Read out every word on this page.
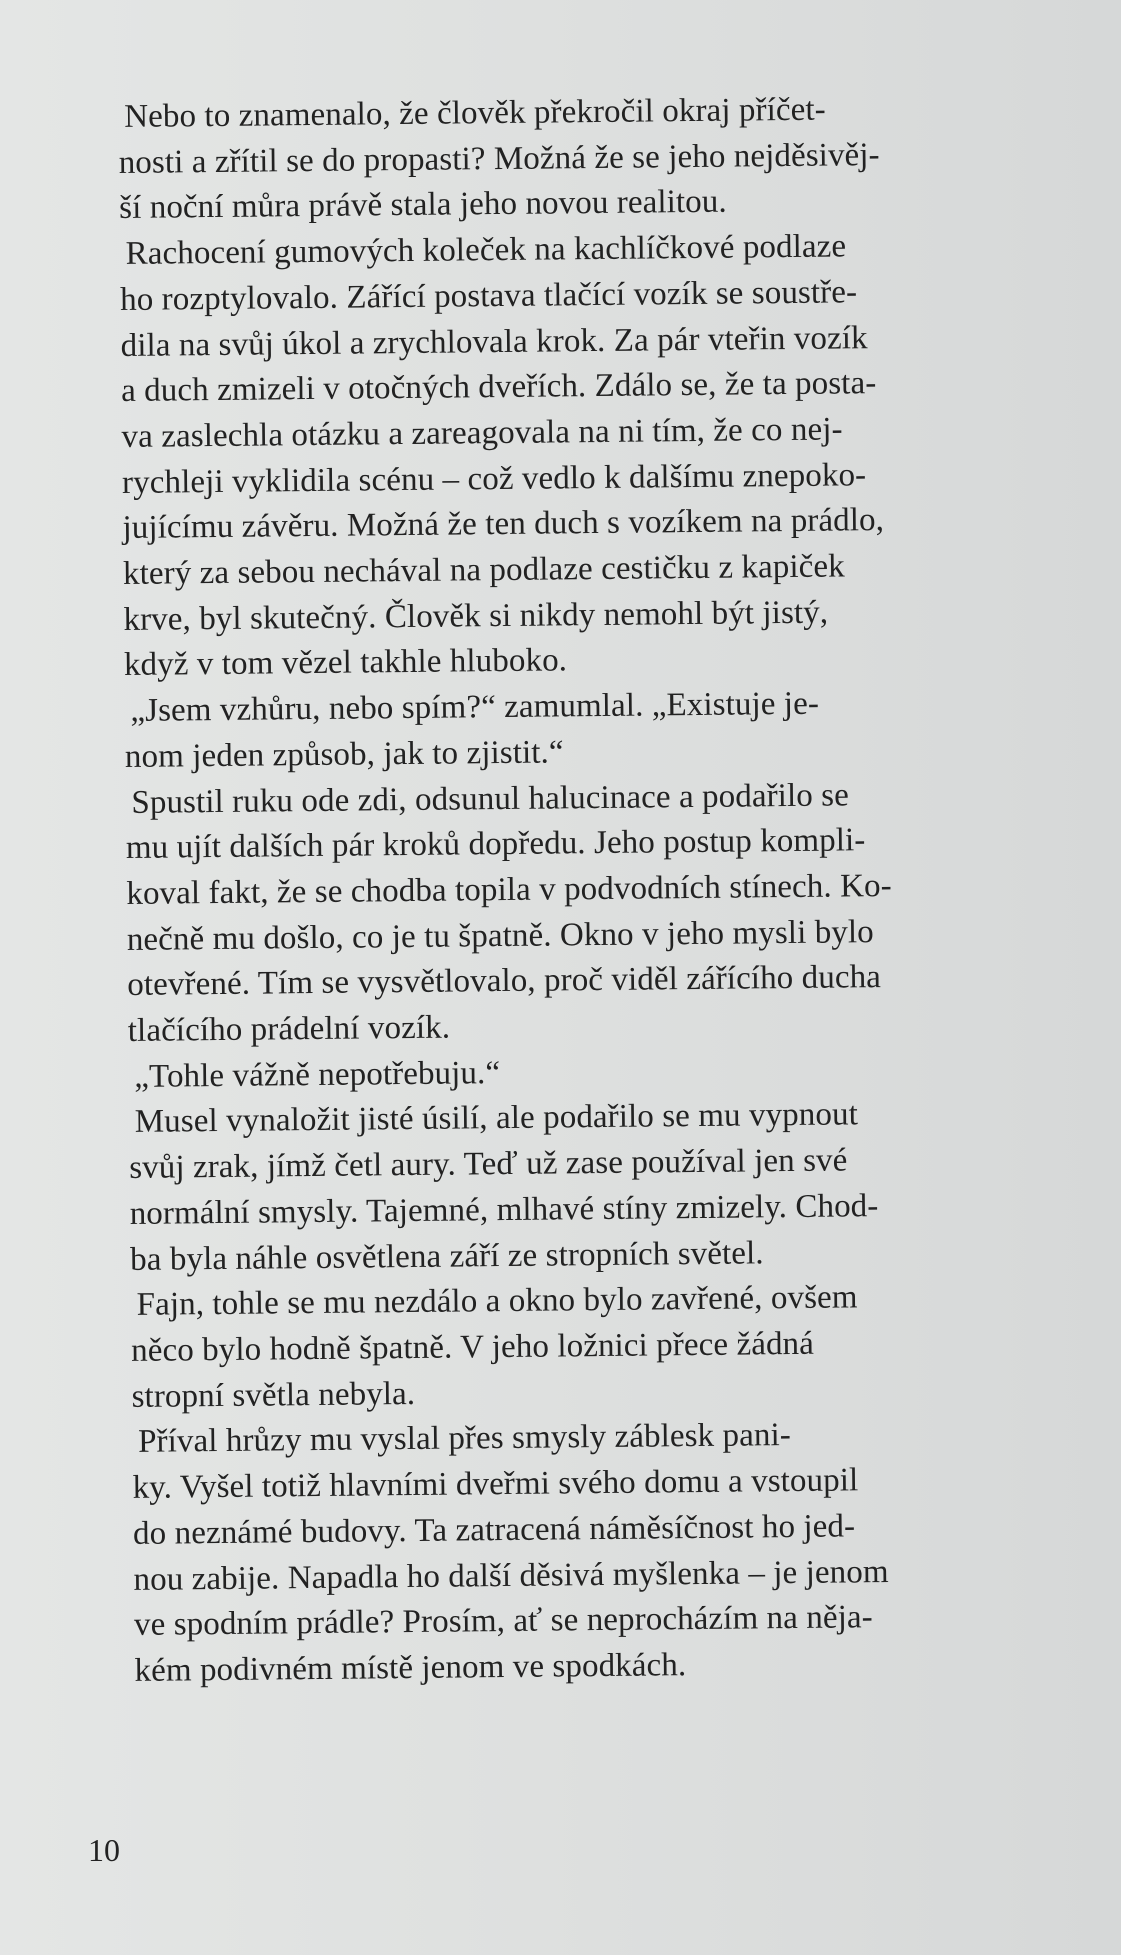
Nebo to znamenalo, že člověk překročil okraj příčet-
nosti a zřítil se do propasti? Možná že se jeho nejděsivěj-
ší noční můra právě stala jeho novou realitou.

Rachocení gumových koleček na kachlíčkové podlaze
ho rozptylovalo. Zářící postava tlačící vozík se soustře-
dila na svůj úkol a zrychlovala krok. Za pár vteřin vozík
a duch zmizeli v otočných dveřích. Zdálo se, že ta posta-
va zaslechla otázku a zareagovala na ni tím, že co nej-
rychleji vyklidila scénu – což vedlo k dalšímu znepoko-
jujícímu závěru. Možná že ten duch s vozíkem na prádlo,
který za sebou nechával na podlaze cestičku z kapiček
krve, byl skutečný. Člověk si nikdy nemohl být jistý,
když v tom vězel takhle hluboko.

„Jsem vzhůru, nebo spím?“ zamumlal. „Existuje je-
nom jeden způsob, jak to zjistit.“

Spustil ruku ode zdi, odsunul halucinace a podařilo se
mu ujít dalších pár kroků dopředu. Jeho postup kompli-
koval fakt, že se chodba topila v podvodních stínech. Ko-
nečně mu došlo, co je tu špatně. Okno v jeho mysli bylo
otevřené. Tím se vysvětlovalo, proč viděl zářícího ducha
tlačícího prádelní vozík.

„Tohle vážně nepotřebuju.“

Musel vynaložit jisté úsilí, ale podařilo se mu vypnout
svůj zrak, jímž četl aury. Teď už zase používal jen své
normální smysly. Tajemné, mlhavé stíny zmizely. Chod-
ba byla náhle osvětlena září ze stropních světel.

Fajn, tohle se mu nezdálo a okno bylo zavřené, ovšem
něco bylo hodně špatně. V jeho ložnici přece žádná
stropní světla nebyla.

Příval hrůzy mu vyslal přes smysly záblesk pani-
ky. Vyšel totiž hlavními dveřmi svého domu a vstoupil
do neznámé budovy. Ta zatracená náměsíčnost ho jed-
nou zabije. Napadla ho další děsivá myšlenka – je jenom
ve spodním prádle? Prosím, ať se neprocházím na něja-
kém podivném místě jenom ve spodkách.

10
